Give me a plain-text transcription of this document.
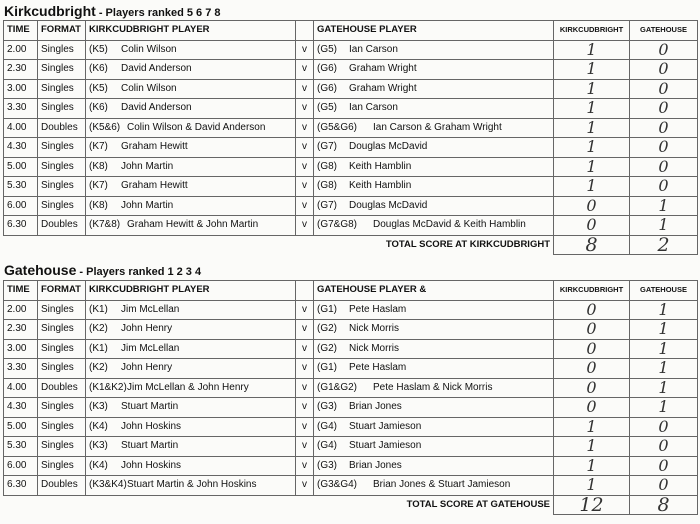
Kirkcudbright - Players ranked 5 6 7 8
TIME	FORMAT	KIRKCUDBRIGHT PLAYER		GATEHOUSE PLAYER	KIRKCUDBRIGHT	GATEHOUSE
2.00	Singles	(K5) Colin Wilson	v	(G5) Ian Carson	1	0
2.30	Singles	(K6) David Anderson	v	(G6) Graham Wright	1	0
3.00	Singles	(K5) Colin Wilson	v	(G6) Graham Wright	1	0
3.30	Singles	(K6) David Anderson	v	(G5) Ian Carson	1	0
4.00	Doubles	(K5&6) Colin Wilson & David Anderson	v	(G5&G6) Ian Carson & Graham Wright	1	0
4.30	Singles	(K7) Graham Hewitt	v	(G7) Douglas McDavid	1	0
5.00	Singles	(K8) John Martin	v	(G8) Keith Hamblin	1	0
5.30	Singles	(K7) Graham Hewitt	v	(G8) Keith Hamblin	1	0
6.00	Singles	(K8) John Martin	v	(G7) Douglas McDavid	0	1
6.30	Doubles	(K7&8) Graham Hewitt & John Martin	v	(G7&G8) Douglas McDavid & Keith Hamblin	0	1
TOTAL SCORE AT KIRKCUDBRIGHT					8	2
Gatehouse - Players ranked 1 2 3 4
TIME	FORMAT	KIRKCUDBRIGHT PLAYER		GATEHOUSE PLAYER &	KIRKCUDBRIGHT	GATEHOUSE
2.00	Singles	(K1) Jim McLellan	v	(G1) Pete Haslam	0	1
2.30	Singles	(K2) John Henry	v	(G2) Nick Morris	0	1
3.00	Singles	(K1) Jim McLellan	v	(G2) Nick Morris	0	1
3.30	Singles	(K2) John Henry	v	(G1) Pete Haslam	0	1
4.00	Doubles	(K1&K2)Jim McLellan & John Henry	v	(G1&G2) Pete Haslam & Nick Morris	0	1
4.30	Singles	(K3) Stuart Martin	v	(G3) Brian Jones	0	1
5.00	Singles	(K4) John Hoskins	v	(G4) Stuart Jamieson	1	0
5.30	Singles	(K3) Stuart Martin	v	(G4) Stuart Jamieson	1	0
6.00	Singles	(K4) John Hoskins	v	(G3) Brian Jones	1	0
6.30	Doubles	(K3&K4)Stuart Martin & John Hoskins	v	(G3&G4) Brian Jones & Stuart Jamieson	1	0
TOTAL SCORE AT GATEHOUSE					12	8
